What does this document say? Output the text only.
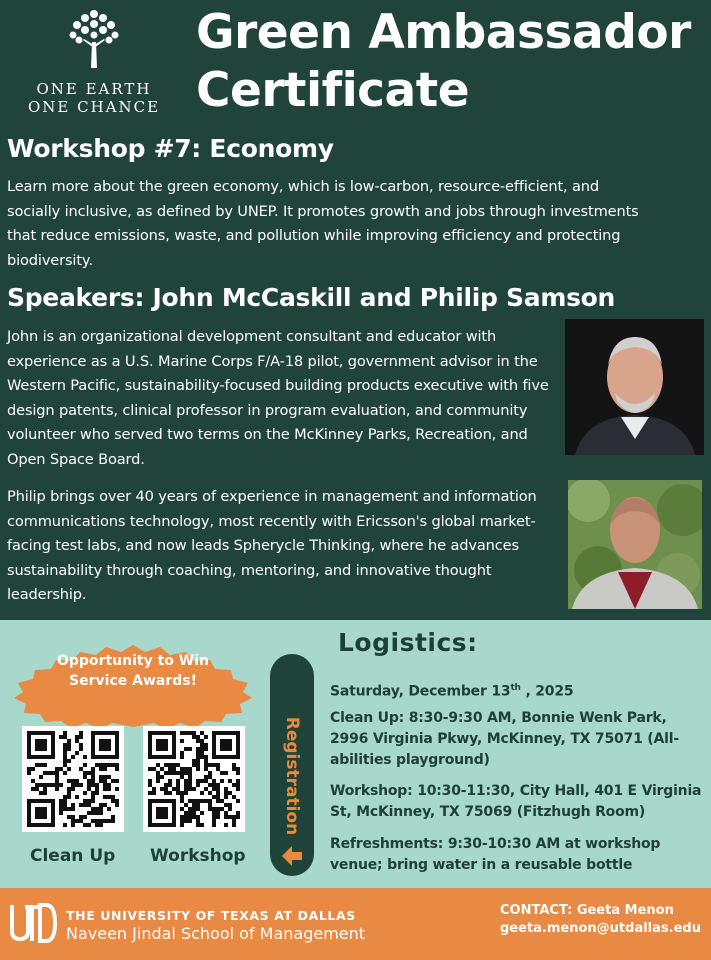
ONE EARTH
ONE CHANCE
Green Ambassador
Certificate
Workshop #7: Economy
Learn more about the green economy, which is low-carbon, resource-efficient, and socially inclusive, as defined by UNEP. It promotes growth and jobs through investments that reduce emissions, waste, and pollution while improving efficiency and protecting biodiversity.
Speakers: John McCaskill and Philip Samson
John is an organizational development consultant and educator with experience as a U.S. Marine Corps F/A-18 pilot, government advisor in the Western Pacific, sustainability-focused building products executive with five design patents, clinical professor in program evaluation, and community volunteer who served two terms on the McKinney Parks, Recreation, and Open Space Board.
Philip brings over 40 years of experience in management and information communications technology, most recently with Ericsson's global market-facing test labs, and now leads Spherycle Thinking, where he advances sustainability through coaching, mentoring, and innovative thought leadership.
Opportunity to Win
Service Awards!
Clean Up Workshop
Registration
Logistics:
Saturday, December 13th , 2025
Clean Up: 8:30-9:30 AM, Bonnie Wenk Park, 2996 Virginia Pkwy, McKinney, TX 75071 (All-abilities playground)
Workshop: 10:30-11:30, City Hall, 401 E Virginia St, McKinney, TX 75069 (Fitzhugh Room)
Refreshments: 9:30-10:30 AM at workshop venue; bring water in a reusable bottle
THE UNIVERSITY OF TEXAS AT DALLAS
Naveen Jindal School of Management
CONTACT: Geeta Menon
geeta.menon@utdallas.edu
